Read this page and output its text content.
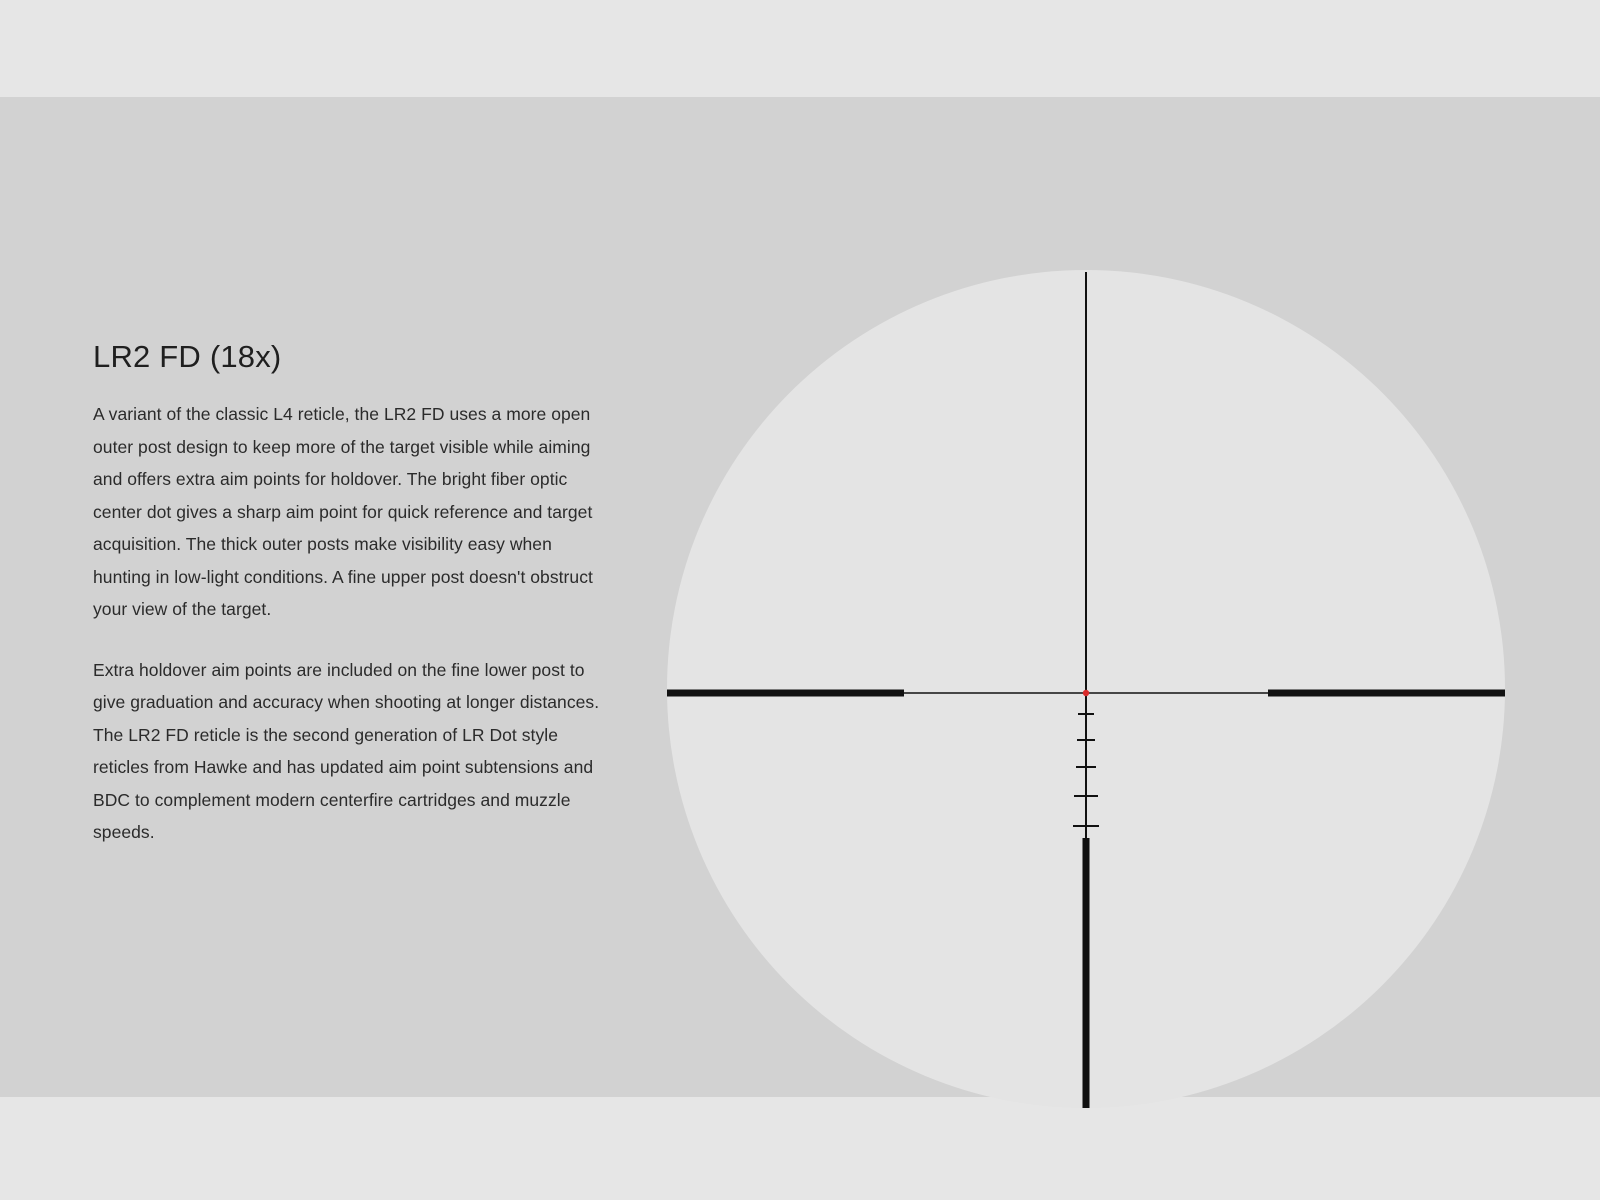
LR2 FD (18x)

A variant of the classic L4 reticle, the LR2 FD uses a more open outer post design to keep more of the target visible while aiming and offers extra aim points for holdover. The bright fiber optic center dot gives a sharp aim point for quick reference and target acquisition. The thick outer posts make visibility easy when hunting in low-light conditions. A fine upper post doesn't obstruct your view of the target.

Extra holdover aim points are included on the fine lower post to give graduation and accuracy when shooting at longer distances. The LR2 FD reticle is the second generation of LR Dot style reticles from Hawke and has updated aim point subtensions and BDC to complement modern centerfire cartridges and muzzle speeds.
